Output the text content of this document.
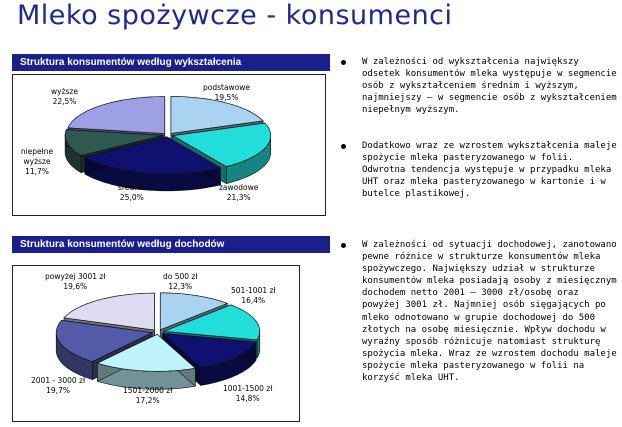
Mleko spożywcze - konsumenci
Struktura konsumentów według wykształcenia
podstawowe
19,5%
zawodowe
21,3%
średnie
25,0%
niepełne wyższe
11,7%
wyższe
22,5%
Struktura konsumentów według dochodów
do 500 zł
12,3%	501-1001 zł
16,4%
1001-1500 zł
14,8%
1501-2000 zł
17,2%
2001 - 3000 zł
19,7%
powyżej 3001 zł
19,6%

W zależności od wykształcenia największy odsetek konsumentów mleka występuje w segmencie osób z wykształceniem średnim i wyższym, najmniejszy – w segmencie osób z wykształceniem niepełnym wyższym.

Dodatkowo wraz ze wzrostem wykształcenia maleje spożycie mleka pasteryzowanego w folii. Odwrotna tendencja występuje w przypadku mleka UHT oraz mleka pasteryzowanego w kartonie i w butelce plastikowej.

W zależności od sytuacji dochodowej, zanotowano pewne różnice w strukturze konsumentów mleka spożywczego. Największy udział w strukturze konsumentów mleka posiadają osoby z miesięcznym dochodem netto 2001 – 3000 zł/osobę oraz powyżej 3001 zł. Najmniej osób sięgających po mleko odnotowano w grupie dochodowej do 500 złotych na osobę miesięcznie. Wpływ dochodu w wyraźny sposób różnicuje natomiast strukturę spożycia mleka. Wraz ze wzrostem dochodu maleje spożycie mleka pasteryzowanego w folii na korzyść mleka UHT.
